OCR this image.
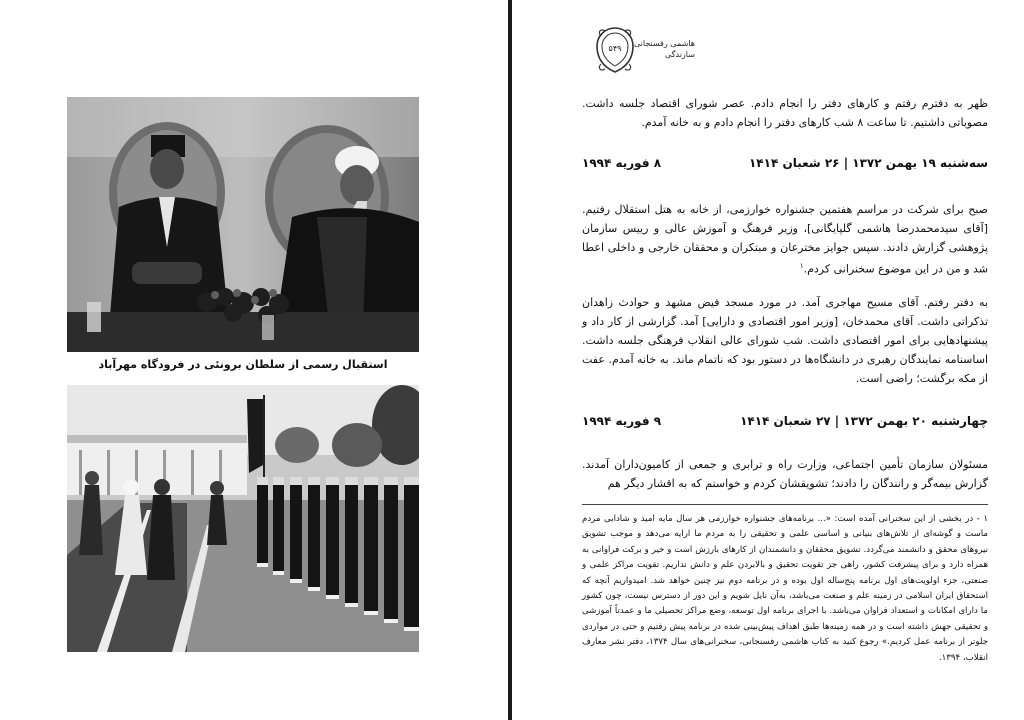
استقبال رسمی از سلطان برونئی در فرودگاه مهرآباد
۵۴۹
هاشمی رفسنجانی
سازندگی

ظهر به دفترم رفتم و کارهای دفتر را انجام دادم. عصر شورای اقتصاد جلسه داشت. مصوباتی داشتیم. تا ساعت ۸ شب کارهای دفتر را انجام دادم و به خانه آمدم.

سه‌شنبه ۱۹ بهمن ۱۳۷۲ | ۲۶ شعبان ۱۴۱۴
۸ فوریه ۱۹۹۴

صبح برای شرکت در مراسم هفتمین جشنواره خوارزمی، از خانه به هتل استقلال رفتیم. [آقای سیدمحمدرضا هاشمی گلپایگانی]، وزیر فرهنگ و آموزش عالی و رییس سازمان پژوهشی گزارش دادند. سپس جوایز مخترعان و مبتکران و محققان خارجی و داخلی اعطا شد و من در این موضوع سخنرانی کردم.$^۱$

به دفتر رفتم. آقای مسیح مهاجری آمد. در مورد مسجد فیض مشهد و حوادث زاهدان تذکراتی داشت. آقای محمدخان، [وزیر امور اقتصادی و دارایی] آمد. گزارشی از کار داد و پیشنهادهایی برای امور اقتصادی داشت. شب شورای عالی انقلاب فرهنگی جلسه داشت. اساسنامه نمایندگان رهبری در دانشگاه‌ها در دستور بود که ناتمام ماند. به خانه آمدم. عفت از مکه برگشت؛ راضی است.

چهارشنبه ۲۰ بهمن ۱۳۷۲ | ۲۷ شعبان ۱۴۱۴
۹ فوریه ۱۹۹۴

مسئولان سازمان تأمین اجتماعی، وزارت راه و ترابری و جمعی از کامیون‌داران آمدند. گزارش بیمه‌گر و رانندگان را دادند؛ تشویقشان کردم و خواستم که به اقشار دیگر هم

۱ - در بخشی از این سخنرانی آمده است: «... برنامه‌های جشنواره خوارزمی هر سال مایه امید و شادابی مردم ماست و گوشه‌ای از تلاش‌های بنیانی و اساسی علمی و تحقیقی را به مردم ما ارایه می‌دهد و موجب تشویق نیروهای محقق و دانشمند می‌گردد. تشویق محققان و دانشمندان از کارهای بارزش است و خیر و برکت فراوانی به همراه دارد و برای پیشرفت کشور، راهی جز تقویت تحقیق و بالابردن علم و دانش نداریم. تقویت مراکز علمی و صنعتی، جزء اولویت‌های اول برنامه پنج‌ساله اول بوده و در برنامه دوم نیز چنین خواهد شد. امیدواریم آنچه که استحقاق ایران اسلامی در زمینه علم و صنعت می‌باشد، به‌آن نایل شویم و این دور از دسترس نیست، چون کشور ما دارای امکانات و استعداد فراوان می‌باشد. با اجرای برنامه اول توسعه، وضع مراکز تحصیلی ما و عمدتاً آموزشی و تحقیقی جهش داشته است و در همه زمینه‌ها طبق اهداف پیش‌بینی شده در برنامه پیش رفتیم و حتی در مواردی جلوتر از برنامه عمل کردیم.» رجوع کنید به کتاب هاشمی رفسنجانی، سخنرانی‌های سال ۱۳۷۴، دفتر نشر معارف انقلاب، ۱۳۹۴.
